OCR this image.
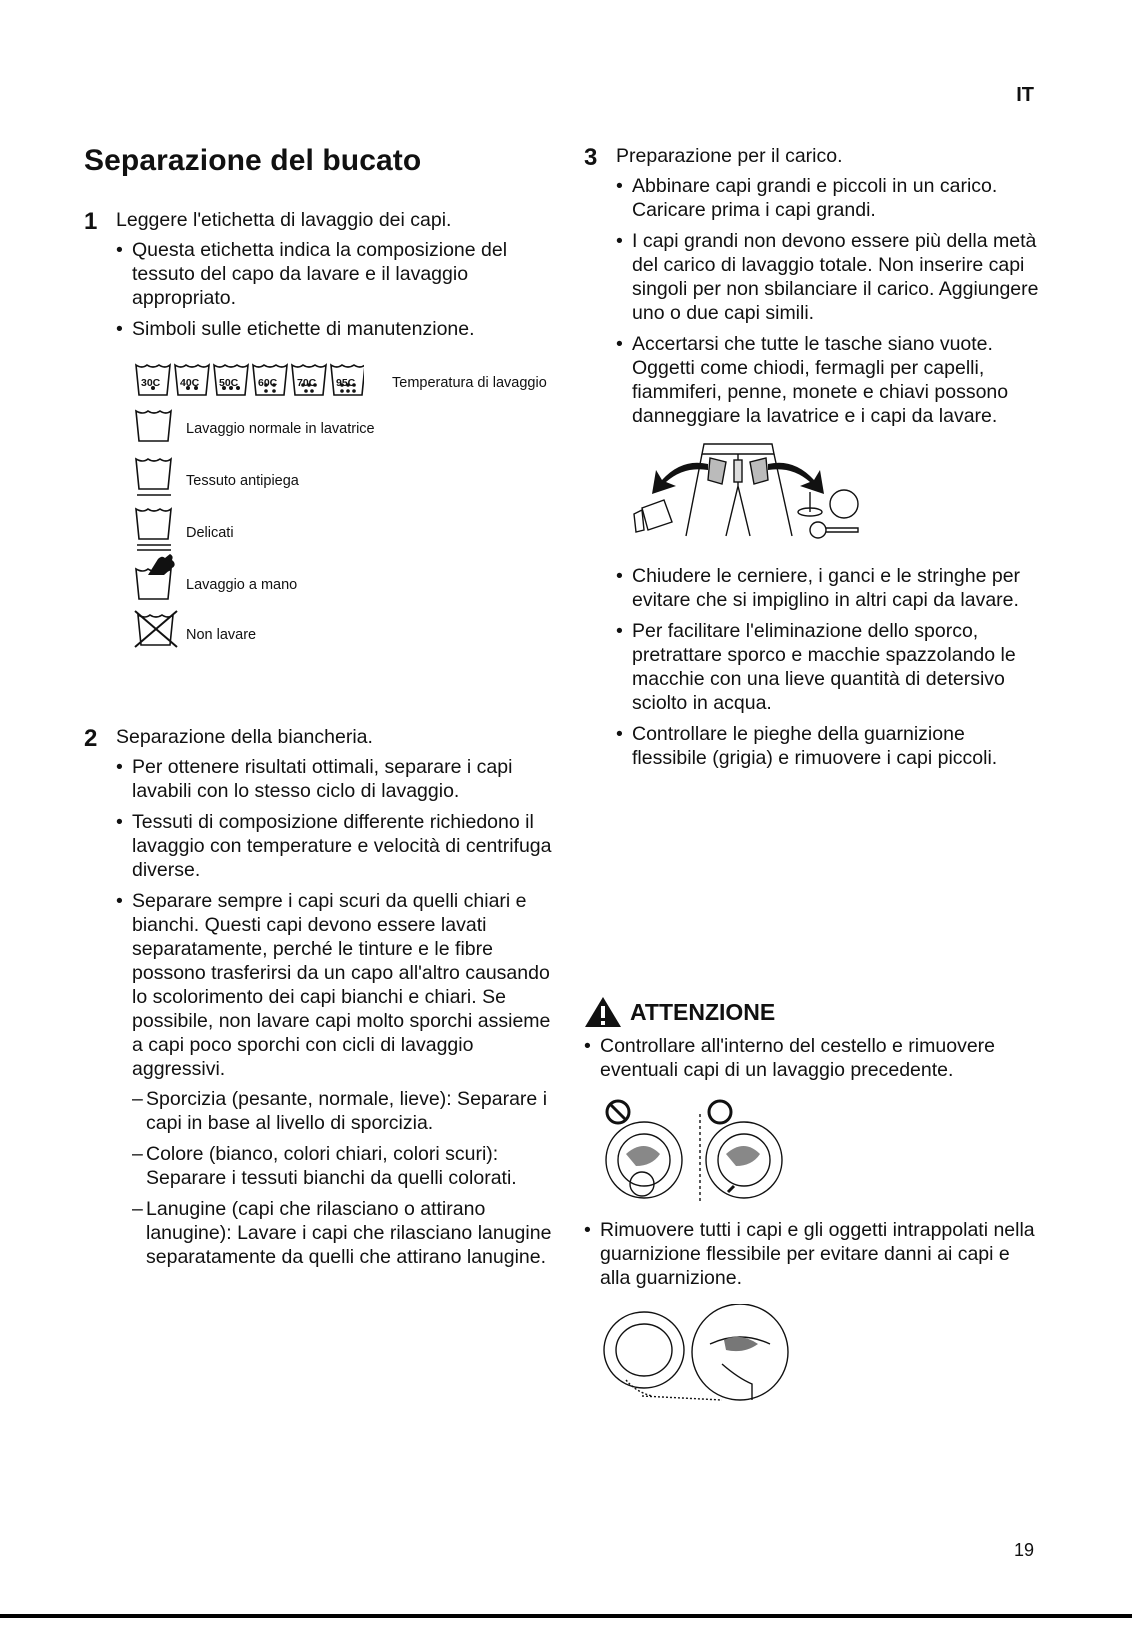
IT
Separazione del bucato
1 Leggere l'etichetta di lavaggio dei capi.
• Questa etichetta indica la composizione del tessuto del capo da lavare e il lavaggio appropriato.
• Simboli sulle etichette di manutenzione.
30C 40C 50C 60C 70C 95C	Temperatura di lavaggio
Lavaggio normale in lavatrice
Tessuto antipiega
Delicati
Lavaggio a mano
Non lavare
2 Separazione della biancheria.
• Per ottenere risultati ottimali, separare i capi lavabili con lo stesso ciclo di lavaggio.
• Tessuti di composizione differente richiedono il lavaggio con temperature e velocità di centrifuga diverse.
• Separare sempre i capi scuri da quelli chiari e bianchi. Questi capi devono essere lavati separatamente, perché le tinture e le fibre possono trasferirsi da un capo all'altro causando lo scolorimento dei capi bianchi e chiari. Se possibile, non lavare capi molto sporchi assieme a capi poco sporchi con cicli di lavaggio aggressivi.
– Sporcizia (pesante, normale, lieve): Separare i capi in base al livello di sporcizia.
– Colore (bianco, colori chiari, colori scuri): Separare i tessuti bianchi da quelli colorati.
– Lanugine (capi che rilasciano o attirano lanugine): Lavare i capi che rilasciano lanugine separatamente da quelli che attirano lanugine.
3 Preparazione per il carico.
• Abbinare capi grandi e piccoli in un carico. Caricare prima i capi grandi.
• I capi grandi non devono essere più della metà del carico di lavaggio totale. Non inserire capi singoli per non sbilanciare il carico. Aggiungere uno o due capi simili.
• Accertarsi che tutte le tasche siano vuote. Oggetti come chiodi, fermagli per capelli, fiammiferi, penne, monete e chiavi possono danneggiare la lavatrice e i capi da lavare.
• Chiudere le cerniere, i ganci e le stringhe per evitare che si impiglino in altri capi da lavare.
• Per facilitare l'eliminazione dello sporco, pretrattare sporco e macchie spazzolando le macchie con una lieve quantità di detersivo sciolto in acqua.
• Controllare le pieghe della guarnizione flessibile (grigia) e rimuovere i capi piccoli.
ATTENZIONE
• Controllare all'interno del cestello e rimuovere eventuali capi di un lavaggio precedente.
• Rimuovere tutti i capi e gli oggetti intrappolati nella guarnizione flessibile per evitare danni ai capi e alla guarnizione.
19
